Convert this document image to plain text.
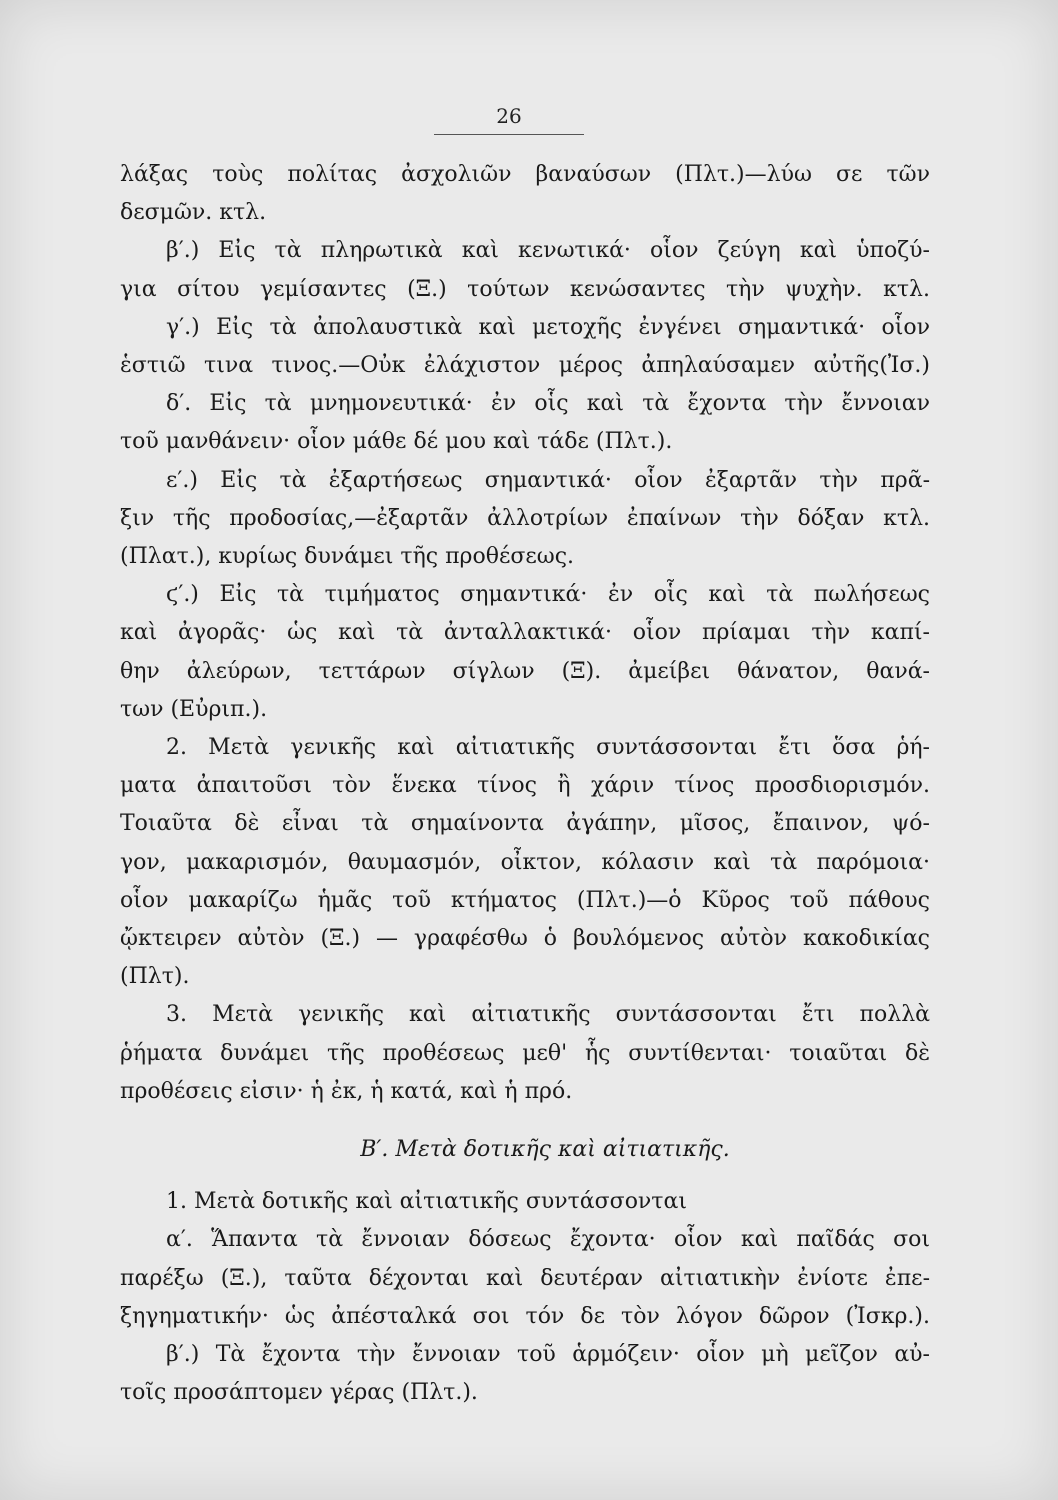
26
λάξας τοὺς πολίτας ἀσχολιῶν βαναύσων (Πλτ.)—λύω σε τῶν
δεσμῶν. κτλ.
β′.) Εἰς τὰ πληρωτικὰ καὶ κενωτικά· οἷον ζεύγη καὶ ὑποζύ-
για σίτου γεμίσαντες (Ξ.) τούτων κενώσαντες τὴν ψυχὴν. κτλ.
γ′.) Εἰς τὰ ἀπολαυστικὰ καὶ μετοχῆς ἐνγένει σημαντικά· οἷον
ἑστιῶ τινα τινος.—Οὐκ ἐλάχιστον μέρος ἀπηλαύσαμεν αὐτῆς(Ἰσ.)
δ′. Εἰς τὰ μνημονευτικά· ἐν οἷς καὶ τὰ ἔχοντα τὴν ἔννοιαν
τοῦ μανθάνειν· οἷον μάθε δέ μου καὶ τάδε (Πλτ.).
ε′.) Εἰς τὰ ἐξαρτήσεως σημαντικά· οἷον ἐξαρτᾶν τὴν πρᾶ-
ξιν τῆς προδοσίας,—ἐξαρτᾶν ἀλλοτρίων ἐπαίνων τὴν δόξαν κτλ.
(Πλατ.), κυρίως δυνάμει τῆς προθέσεως.
ϛ′.) Εἰς τὰ τιμήματος σημαντικά· ἐν οἷς καὶ τὰ πωλήσεως
καὶ ἀγορᾶς· ὡς καὶ τὰ ἀνταλλακτικά· οἷον πρίαμαι τὴν καπί-
θην ἀλεύρων, τεττάρων σίγλων (Ξ). ἀμείβει θάνατον, θανά-
των (Εὐριπ.).
2. Μετὰ γενικῆς καὶ αἰτιατικῆς συντάσσονται ἔτι ὅσα ῥή-
ματα ἀπαιτοῦσι τὸν ἕνεκα τίνος ἢ χάριν τίνος προσδιορισμόν.
Τοιαῦτα δὲ εἶναι τὰ σημαίνοντα ἀγάπην, μῖσος, ἔπαινον, ψό-
γον, μακαρισμόν, θαυμασμόν, οἶκτον, κόλασιν καὶ τὰ παρόμοια·
οἷον μακαρίζω ἡμᾶς τοῦ κτήματος (Πλτ.)—ὁ Κῦρος τοῦ πάθους
ᾤκτειρεν αὐτὸν (Ξ.) — γραφέσθω ὁ βουλόμενος αὐτὸν κακοδικίας
(Πλτ).
3. Μετὰ γενικῆς καὶ αἰτιατικῆς συντάσσονται ἔτι πολλὰ
ῥήματα δυνάμει τῆς προθέσεως μεθ' ἧς συντίθενται· τοιαῦται δὲ
προθέσεις εἰσιν· ἡ ἐκ, ἡ κατά, καὶ ἡ πρό.
Β′. Μετὰ δοτικῆς καὶ αἰτιατικῆς.
1. Μετὰ δοτικῆς καὶ αἰτιατικῆς συντάσσονται
α′. Ἅπαντα τὰ ἔννοιαν δόσεως ἔχοντα· οἷον καὶ παῖδάς σοι
παρέξω (Ξ.), ταῦτα δέχονται καὶ δευτέραν αἰτιατικὴν ἐνίοτε ἐπε-
ξηγηματικήν· ὡς ἀπέσταλκά σοι τόν δε τὸν λόγον δῶρον (Ἰσκρ.).
β′.) Τὰ ἔχοντα τὴν ἔννοιαν τοῦ ἁρμόζειν· οἷον μὴ μεῖζον αὐ-
τοῖς προσάπτομεν γέρας (Πλτ.).
